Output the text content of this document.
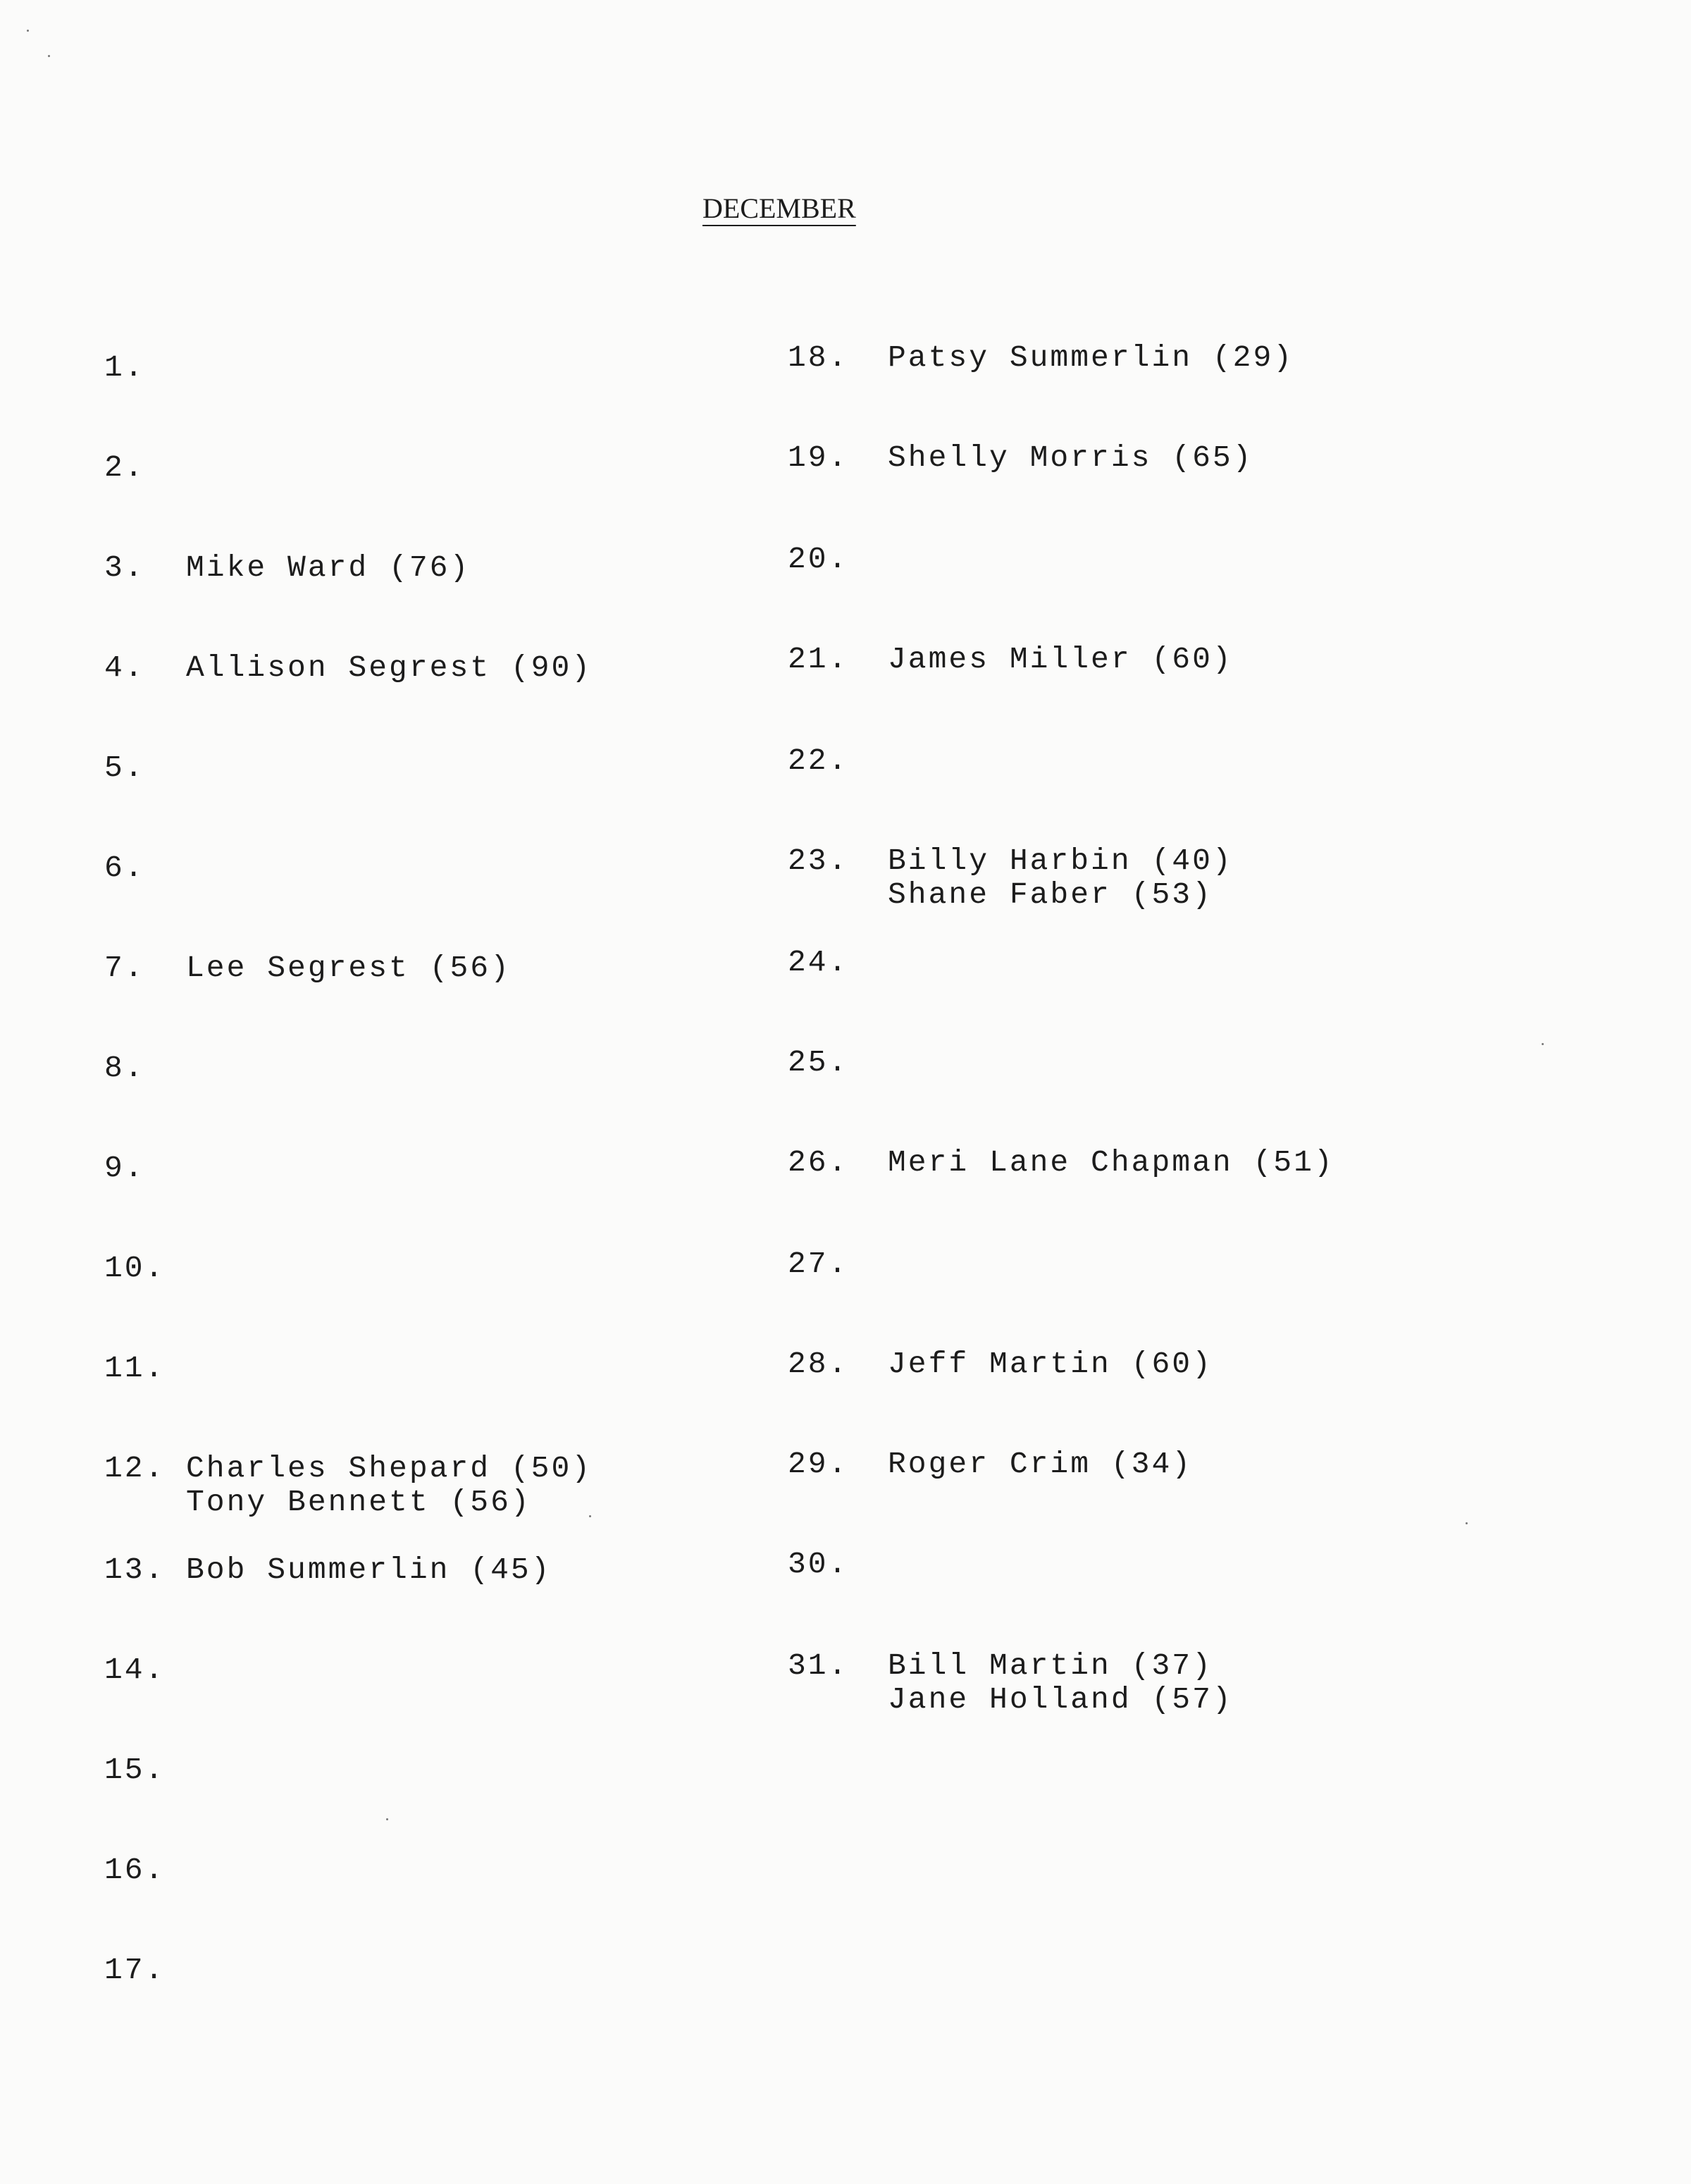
DECEMBER
1.
2.
3. Mike Ward (76)
4. Allison Segrest (90)
5.
6.
7. Lee Segrest (56)
8.
9.
10.
11.
12. Charles Shepard (50)
Tony Bennett (56)
13. Bob Summerlin (45)
14.
15.
16.
17.
18. Patsy Summerlin (29)
19. Shelly Morris (65)
20.
21. James Miller (60)
22.
23. Billy Harbin (40)
Shane Faber (53)
24.
25.
26. Meri Lane Chapman (51)
27.
28. Jeff Martin (60)
29. Roger Crim (34)
30.
31. Bill Martin (37)
Jane Holland (57)
